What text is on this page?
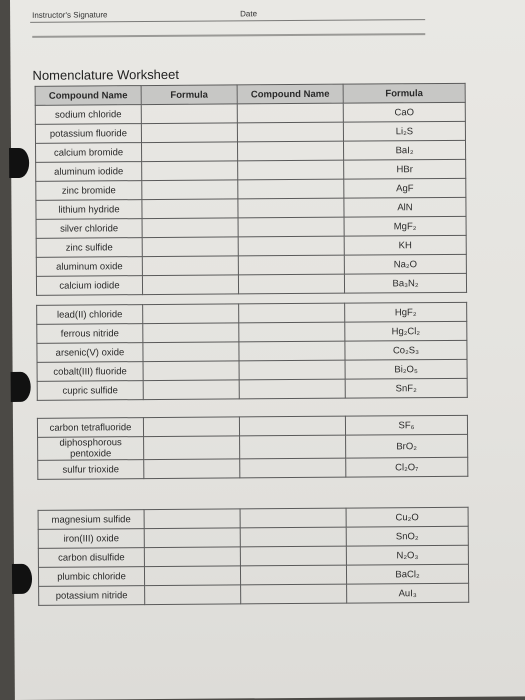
Instructor's Signature	Date
Nomenclature Worksheet
Compound Name	Formula	Compound Name	Formula
sodium chloride			CaO
potassium fluoride			Li₂S
calcium bromide			BaI₂
aluminum iodide			HBr
zinc bromide			AgF
lithium hydride			AlN
silver chloride			MgF₂
zinc sulfide			KH
aluminum oxide			Na₂O
calcium iodide			Ba₃N₂
lead(II) chloride			HgF₂
ferrous nitride			Hg₂Cl₂
arsenic(V) oxide			Co₂S₃
cobalt(III) fluoride			Bi₂O₅
cupric sulfide			SnF₂
carbon tetrafluoride			SF₆
diphosphorous pentoxide			BrO₂
sulfur trioxide			Cl₂O₇
magnesium sulfide			Cu₂O
iron(III) oxide			SnO₂
carbon disulfide			N₂O₃
plumbic chloride			BaCl₂
potassium nitride			AuI₃
